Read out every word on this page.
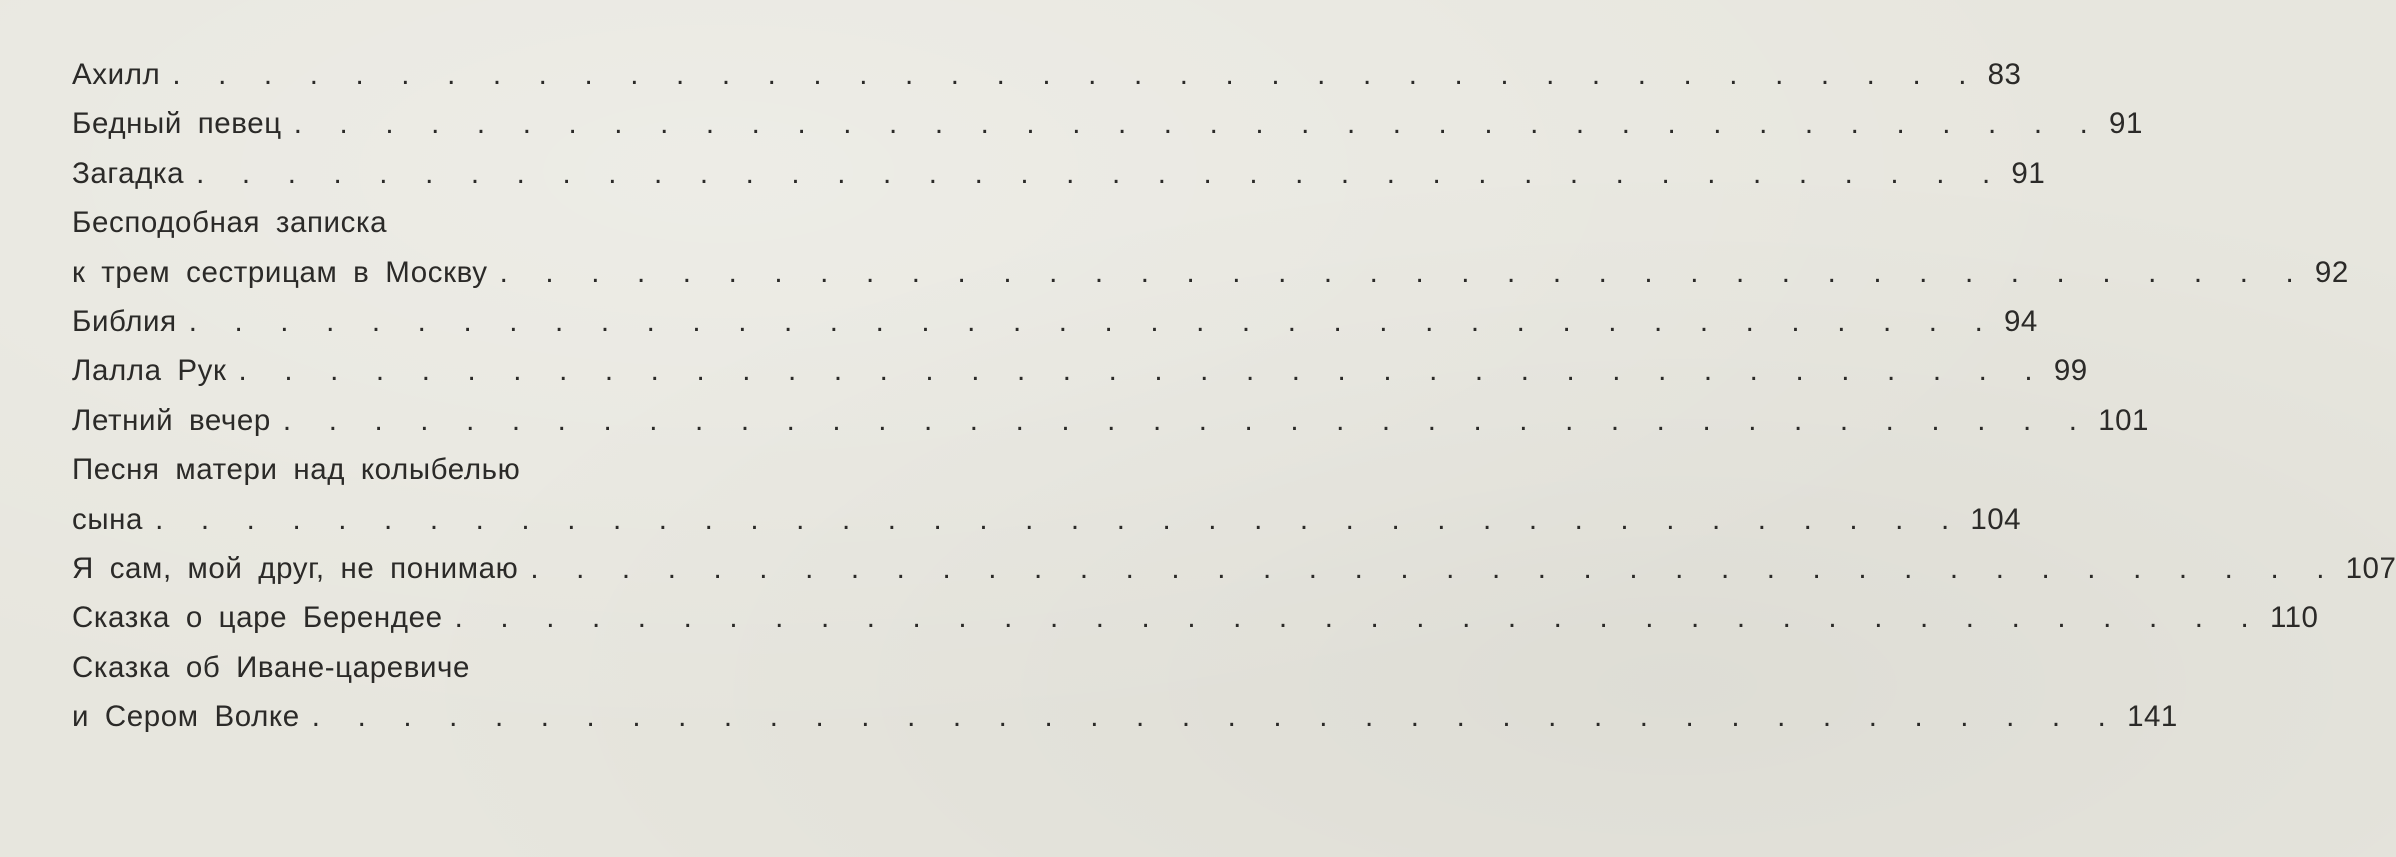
Ахилл . . . . . . . . . . . . . . . . . . . . . . . . . . . . . . . . . . . . . . . . 83
Бедный певец . . . . . . . . . . . . . . . . . . . . . . . . . . . . . . . . . . . . . . . . 91
Загадка . . . . . . . . . . . . . . . . . . . . . . . . . . . . . . . . . . . . . . . . 91
Бесподобная записка
к трем сестрицам в Москву . . . . . . . . . . . . . . . . . . . . . . . . . . . . . . . . . . . . . . . . 92
Библия . . . . . . . . . . . . . . . . . . . . . . . . . . . . . . . . . . . . . . . . 94
Лалла Рук . . . . . . . . . . . . . . . . . . . . . . . . . . . . . . . . . . . . . . . . 99
Летний вечер . . . . . . . . . . . . . . . . . . . . . . . . . . . . . . . . . . . . . . . . 101
Песня матери над колыбелью
сына . . . . . . . . . . . . . . . . . . . . . . . . . . . . . . . . . . . . . . . . 104
Я сам, мой друг, не понимаю . . . . . . . . . . . . . . . . . . . . . . . . . . . . . . . . . . . . . . . . 107
Сказка о царе Берендее . . . . . . . . . . . . . . . . . . . . . . . . . . . . . . . . . . . . . . . . 110
Сказка об Иване-царевиче
и Сером Волке . . . . . . . . . . . . . . . . . . . . . . . . . . . . . . . . . . . . . . . . 141
